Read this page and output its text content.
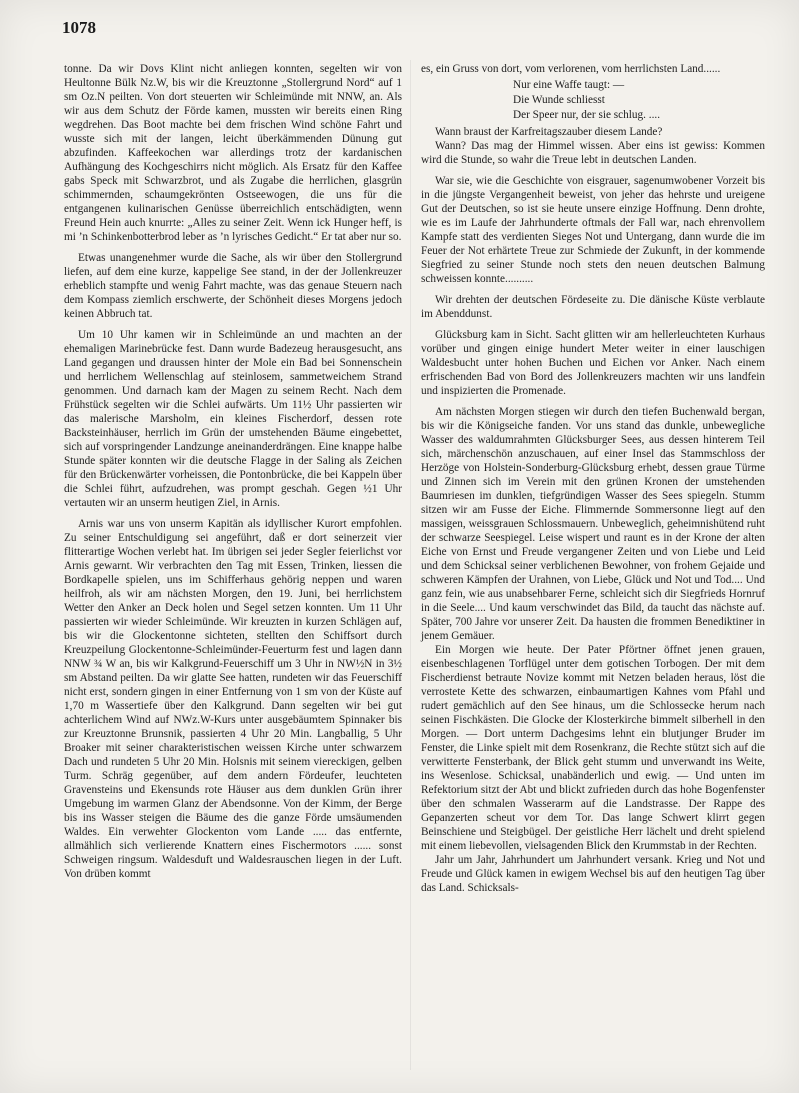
1078

tonne. Da wir Dovs Klint nicht anliegen konnten, segelten wir von Heultonne Bülk Nz.W, bis wir die Kreuztonne „Stollergrund Nord“ auf 1 sm Oz.N peilten. Von dort steuerten wir Schleimünde mit NNW, an. Als wir aus dem Schutz der Förde kamen, mussten wir bereits einen Ring wegdrehen. Das Boot machte bei dem frischen Wind schöne Fahrt und wusste sich mit der langen, leicht überkämmenden Dünung gut abzufinden. Kaffeekochen war allerdings trotz der kardanischen Aufhängung des Kochgeschirrs nicht möglich. Als Ersatz für den Kaffee gabs Speck mit Schwarzbrot, und als Zugabe die herrlichen, glasgrün schimmernden, schaumgekrönten Ostseewogen, die uns für die entgangenen kulinarischen Genüsse überreichlich entschädigten, wenn Freund Hein auch knurrte: „Alles zu seiner Zeit. Wenn ick Hunger heff, is mi ’n Schinkenbotterbrod leber as ’n lyrisches Gedicht.“ Er tat aber nur so.

Etwas unangenehmer wurde die Sache, als wir über den Stollergrund liefen, auf dem eine kurze, kappelige See stand, in der der Jollenkreuzer erheblich stampfte und wenig Fahrt machte, was das genaue Steuern nach dem Kompass ziemlich erschwerte, der Schönheit dieses Morgens jedoch keinen Abbruch tat.

Um 10 Uhr kamen wir in Schleimünde an und machten an der ehemaligen Marinebrücke fest. Dann wurde Badezeug herausgesucht, ans Land gegangen und draussen hinter der Mole ein Bad bei Sonnenschein und herrlichem Wellenschlag auf steinlosem, sammetweichem Strand genommen. Und darnach kam der Magen zu seinem Recht. Nach dem Frühstück segelten wir die Schlei aufwärts. Um 11½ Uhr passierten wir das malerische Marsholm, ein kleines Fischerdorf, dessen rote Backsteinhäuser, herrlich im Grün der umstehenden Bäume eingebettet, sich auf vorspringender Landzunge aneinanderdrängen. Eine knappe halbe Stunde später konnten wir die deutsche Flagge in der Saling als Zeichen für den Brückenwärter vorheissen, die Pontonbrücke, die bei Kappeln über die Schlei führt, aufzudrehen, was prompt geschah. Gegen ½1 Uhr vertauten wir an unserm heutigen Ziel, in Arnis.

Arnis war uns von unserm Kapitän als idyllischer Kurort empfohlen. Zu seiner Entschuldigung sei angeführt, daß er dort seinerzeit vier flitterartige Wochen verlebt hat. Im übrigen sei jeder Segler feierlichst vor Arnis gewarnt. Wir verbrachten den Tag mit Essen, Trinken, liessen die Bordkapelle spielen, uns im Schifferhaus gehörig neppen und waren heilfroh, als wir am nächsten Morgen, den 19. Juni, bei herrlichstem Wetter den Anker an Deck holen und Segel setzen konnten. Um 11 Uhr passierten wir wieder Schleimünde. Wir kreuzten in kurzen Schlägen auf, bis wir die Glockentonne sichteten, stellten den Schiffsort durch Kreuzpeilung Glockentonne-Schleimünder-Feuerturm fest und lagen dann NNW ¾ W an, bis wir Kalkgrund-Feuerschiff um 3 Uhr in NW½N in 3½ sm Abstand peilten. Da wir glatte See hatten, rundeten wir das Feuerschiff nicht erst, sondern gingen in einer Entfernung von 1 sm von der Küste auf 1,70 m Wassertiefe über den Kalkgrund. Dann segelten wir bei gut achterlichem Wind auf NWz.W-Kurs unter ausgebäumtem Spinnaker bis zur Kreuztonne Brunsnik, passierten 4 Uhr 20 Min. Langballig, 5 Uhr Broaker mit seiner charakteristischen weissen Kirche unter schwarzem Dach und rundeten 5 Uhr 20 Min. Holsnis mit seinem viereckigen, gelben Turm. Schräg gegenüber, auf dem andern Fördeufer, leuchteten Gravensteins und Ekensunds rote Häuser aus dem dunklen Grün ihrer Umgebung im warmen Glanz der Abendsonne. Von der Kimm, der Berge bis ins Wasser steigen die Bäume des die ganze Förde umsäumenden Waldes. Ein verwehter Glockenton vom Lande ..... das entfernte, allmählich sich verlierende Knattern eines Fischermotors ...... sonst Schweigen ringsum. Waldesduft und Waldesrauschen liegen in der Luft. Von drüben kommt

es, ein Gruss von dort, vom verlorenen, vom herrlichsten Land......

Nur eine Waffe taugt: —
Die Wunde schliesst
Der Speer nur, der sie schlug. ....

Wann braust der Karfreitagszauber diesem Lande?

Wann? Das mag der Himmel wissen. Aber eins ist gewiss: Kommen wird die Stunde, so wahr die Treue lebt in deutschen Landen.

War sie, wie die Geschichte von eisgrauer, sagenumwobener Vorzeit bis in die jüngste Vergangenheit beweist, von jeher das hehrste und ureigene Gut der Deutschen, so ist sie heute unsere einzige Hoffnung. Denn drohte, wie es im Laufe der Jahrhunderte oftmals der Fall war, nach ehrenvollem Kampfe statt des verdienten Sieges Not und Untergang, dann wurde die im Feuer der Not erhärtete Treue zur Schmiede der Zukunft, in der kommende Siegfried zu seiner Stunde noch stets den neuen deutschen Balmung schweissen konnte..........

Wir drehten der deutschen Fördeseite zu. Die dänische Küste verblaute im Abenddunst.

Glücksburg kam in Sicht. Sacht glitten wir am hellerleuchteten Kurhaus vorüber und gingen einige hundert Meter weiter in einer lauschigen Waldesbucht unter hohen Buchen und Eichen vor Anker. Nach einem erfrischenden Bad von Bord des Jollenkreuzers machten wir uns landfein und inspizierten die Promenade.

Am nächsten Morgen stiegen wir durch den tiefen Buchenwald bergan, bis wir die Königseiche fanden. Vor uns stand das dunkle, unbewegliche Wasser des waldumrahmten Glücksburger Sees, aus dessen hinterem Teil sich, märchenschön anzuschauen, auf einer Insel das Stammschloss der Herzöge von Holstein-Sonderburg-Glücksburg erhebt, dessen graue Türme und Zinnen sich im Verein mit den grünen Kronen der umstehenden Baumriesen im dunklen, tiefgründigen Wasser des Sees spiegeln. Stumm sitzen wir am Fusse der Eiche. Flimmernde Sommersonne liegt auf den massigen, weissgrauen Schlossmauern. Unbeweglich, geheimnishütend ruht der schwarze Seespiegel. Leise wispert und raunt es in der Krone der alten Eiche von Ernst und Freude vergangener Zeiten und von Liebe und Leid und dem Schicksal seiner verblichenen Bewohner, von frohem Gejaide und schweren Kämpfen der Urahnen, von Liebe, Glück und Not und Tod.... Und ganz fein, wie aus unabsehbarer Ferne, schleicht sich dir Siegfrieds Hornruf in die Seele.... Und kaum verschwindet das Bild, da taucht das nächste auf. Später, 700 Jahre vor unserer Zeit. Da hausten die frommen Benediktiner in jenem Gemäuer.

Ein Morgen wie heute. Der Pater Pförtner öffnet jenen grauen, eisenbeschlagenen Torflügel unter dem gotischen Torbogen. Der mit dem Fischerdienst betraute Novize kommt mit Netzen beladen heraus, löst die verrostete Kette des schwarzen, einbaumartigen Kahnes vom Pfahl und rudert gemächlich auf den See hinaus, um die Schlossecke herum nach seinen Fischkästen. Die Glocke der Klosterkirche bimmelt silberhell in den Morgen. — Dort unterm Dachgesims lehnt ein blutjunger Bruder im Fenster, die Linke spielt mit dem Rosenkranz, die Rechte stützt sich auf die verwitterte Fensterbank, der Blick geht stumm und unverwandt ins Weite, ins Wesenlose. Schicksal, unabänderlich und ewig. — Und unten im Refektorium sitzt der Abt und blickt zufrieden durch das hohe Bogenfenster über den schmalen Wasserarm auf die Landstrasse. Der Rappe des Gepanzerten scheut vor dem Tor. Das lange Schwert klirrt gegen Beinschiene und Steigbügel. Der geistliche Herr lächelt und dreht spielend mit einem liebevollen, vielsagenden Blick den Krummstab in der Rechten.

Jahr um Jahr, Jahrhundert um Jahrhundert versank. Krieg und Not und Freude und Glück kamen in ewigem Wechsel bis auf den heutigen Tag über das Land. Schicksals-
